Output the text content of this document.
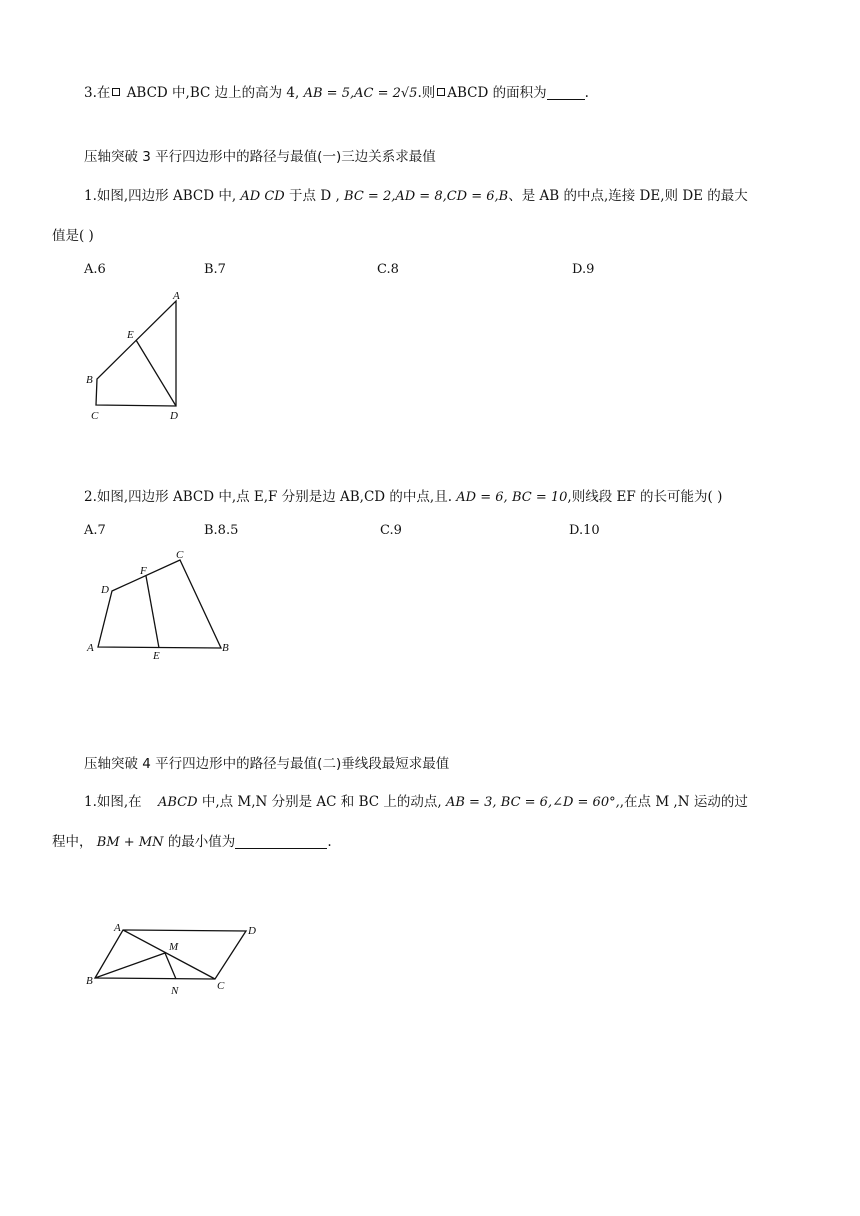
3.在 ABCD 中,BC 边上的高为 4, AB = 5,AC = 2√5.则 ABCD 的面积为	.
压轴突破 3 平行四边形中的路径与最值(一)三边关系求最值
1.如图,四边形 ABCD 中, AD CD 于点 D , BC = 2,AD = 8,CD = 6,B、是 AB 的中点,连接 DE,则 DE 的最大
值是( )
A.6	B.7	C.8	D.9
A
E
B
C	D
2.如图,四边形 ABCD 中,点 E,F 分别是边 AB,CD 的中点,且. AD = 6, BC = 10,则线段 EF 的长可能为( )
A.7	B.8.5	C.9	D.10
C
F
D
A
E
B
压轴突破 4 平行四边形中的路径与最值(二)垂线段最短求最值
1.如图,在 ABCD 中,点 M,N 分别是 AC 和 BC 上的动点, AB = 3, BC = 6,∠D = 60°,,在点 M ,N 运动的过
程中， BM + MN 的最小值为	.
A	D
M
B
N	C
